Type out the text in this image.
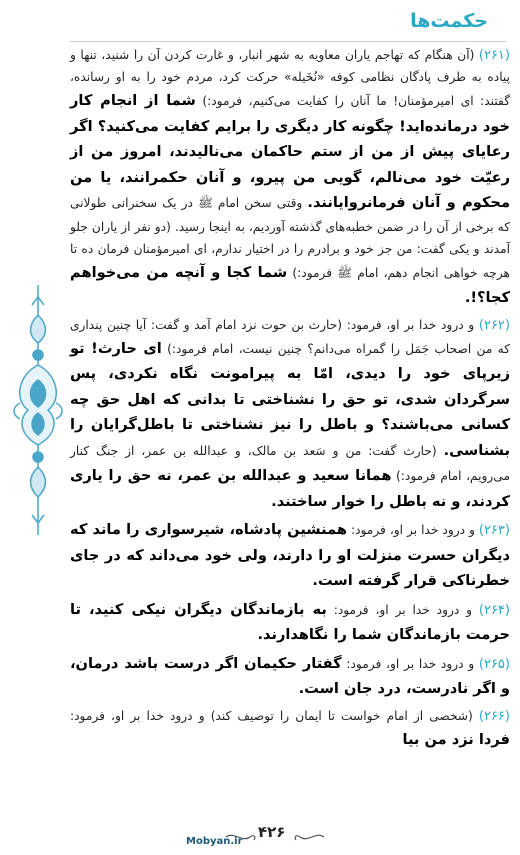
حکمت‌ها

(۲۶۱) (آن هنگام که تهاجم یاران معاویه به شهر انبار، و غارت کردن آن را شنید، تنها و پیاده به طرف پادگان نظامی کوفه «نُخَیله» حرکت کرد، مردم خود را به او رسانده، گفتند: ای امیرمؤمنان! ما آنان را کفایت می‌کنیم، فرمود:) شما از انجام کار خود درمانده‌اید! چگونه کار دیگری را برایم کفایت می‌کنید؟ اگر رعایای پیش از من از ستم حاکمان می‌نالیدند، امروز من از رعیّت خود می‌نالم، گویی من پیرو، و آنان حکمرانند، یا من محکوم و آنان فرمانروایانند. وقتی سخن امام ﷺ در یک سخنرانی طولانی که برخی از آن را در ضمن خطبه‌های گذشته آوردیم، به اینجا رسید. (دو نفر از یاران جلو آمدند و یکی گفت: من جز خود و برادرم را در اختیار ندارم، ای امیرمؤمنان فرمان ده تا هرچه خواهی انجام دهم، امام ﷺ فرمود:) شما کجا و آنچه من می‌خواهم کجا؟!.

(۲۶۲) و درود خدا بر او، فرمود: (حارث بن حوت نزد امام آمد و گفت: آیا چنین پنداری که من اصحاب جَمَل را گمراه می‌دانم؟ چنین نیست، امام فرمود:) ای حارث! تو زیرپای خود را دیدی، امّا به پیرامونت نگاه نکردی، پس سرگردان شدی، تو حق را نشناختی تا بدانی که اهل حق چه کسانی می‌باشند؟ و باطل را نیز نشناختی تا باطل‌گرایان را بشناسی. (حارث گفت: من و سَعد بن مالک، و عبدالله بن عمر، از جنگ کنار می‌رویم، امام فرمود:) همانا سعید و عبدالله بن عمر، نه حق را یاری کردند، و نه باطل را خوار ساختند.

(۲۶۳) و درود خدا بر او، فرمود: همنشین پادشاه، شیرسواری را ماند که دیگران حسرت منزلت او را دارند، ولی خود می‌داند که در جای خطرناکی قرار گرفته است.

(۲۶۴) و درود خدا بر او، فرمود: به بازماندگان دیگران نیکی کنید، تا حرمت بازماندگان شما را نگاهدارند.

(۲۶۵) و درود خدا بر او، فرمود: گفتار حکیمان اگر درست باشد درمان، و اگر نادرست، درد جان است.

(۲۶۶) (شخصی از امام خواست تا ایمان را توصیف کند) و درود خدا بر او، فرمود: فردا نزد من بیا

Mobyan.ir
۴۲۶
